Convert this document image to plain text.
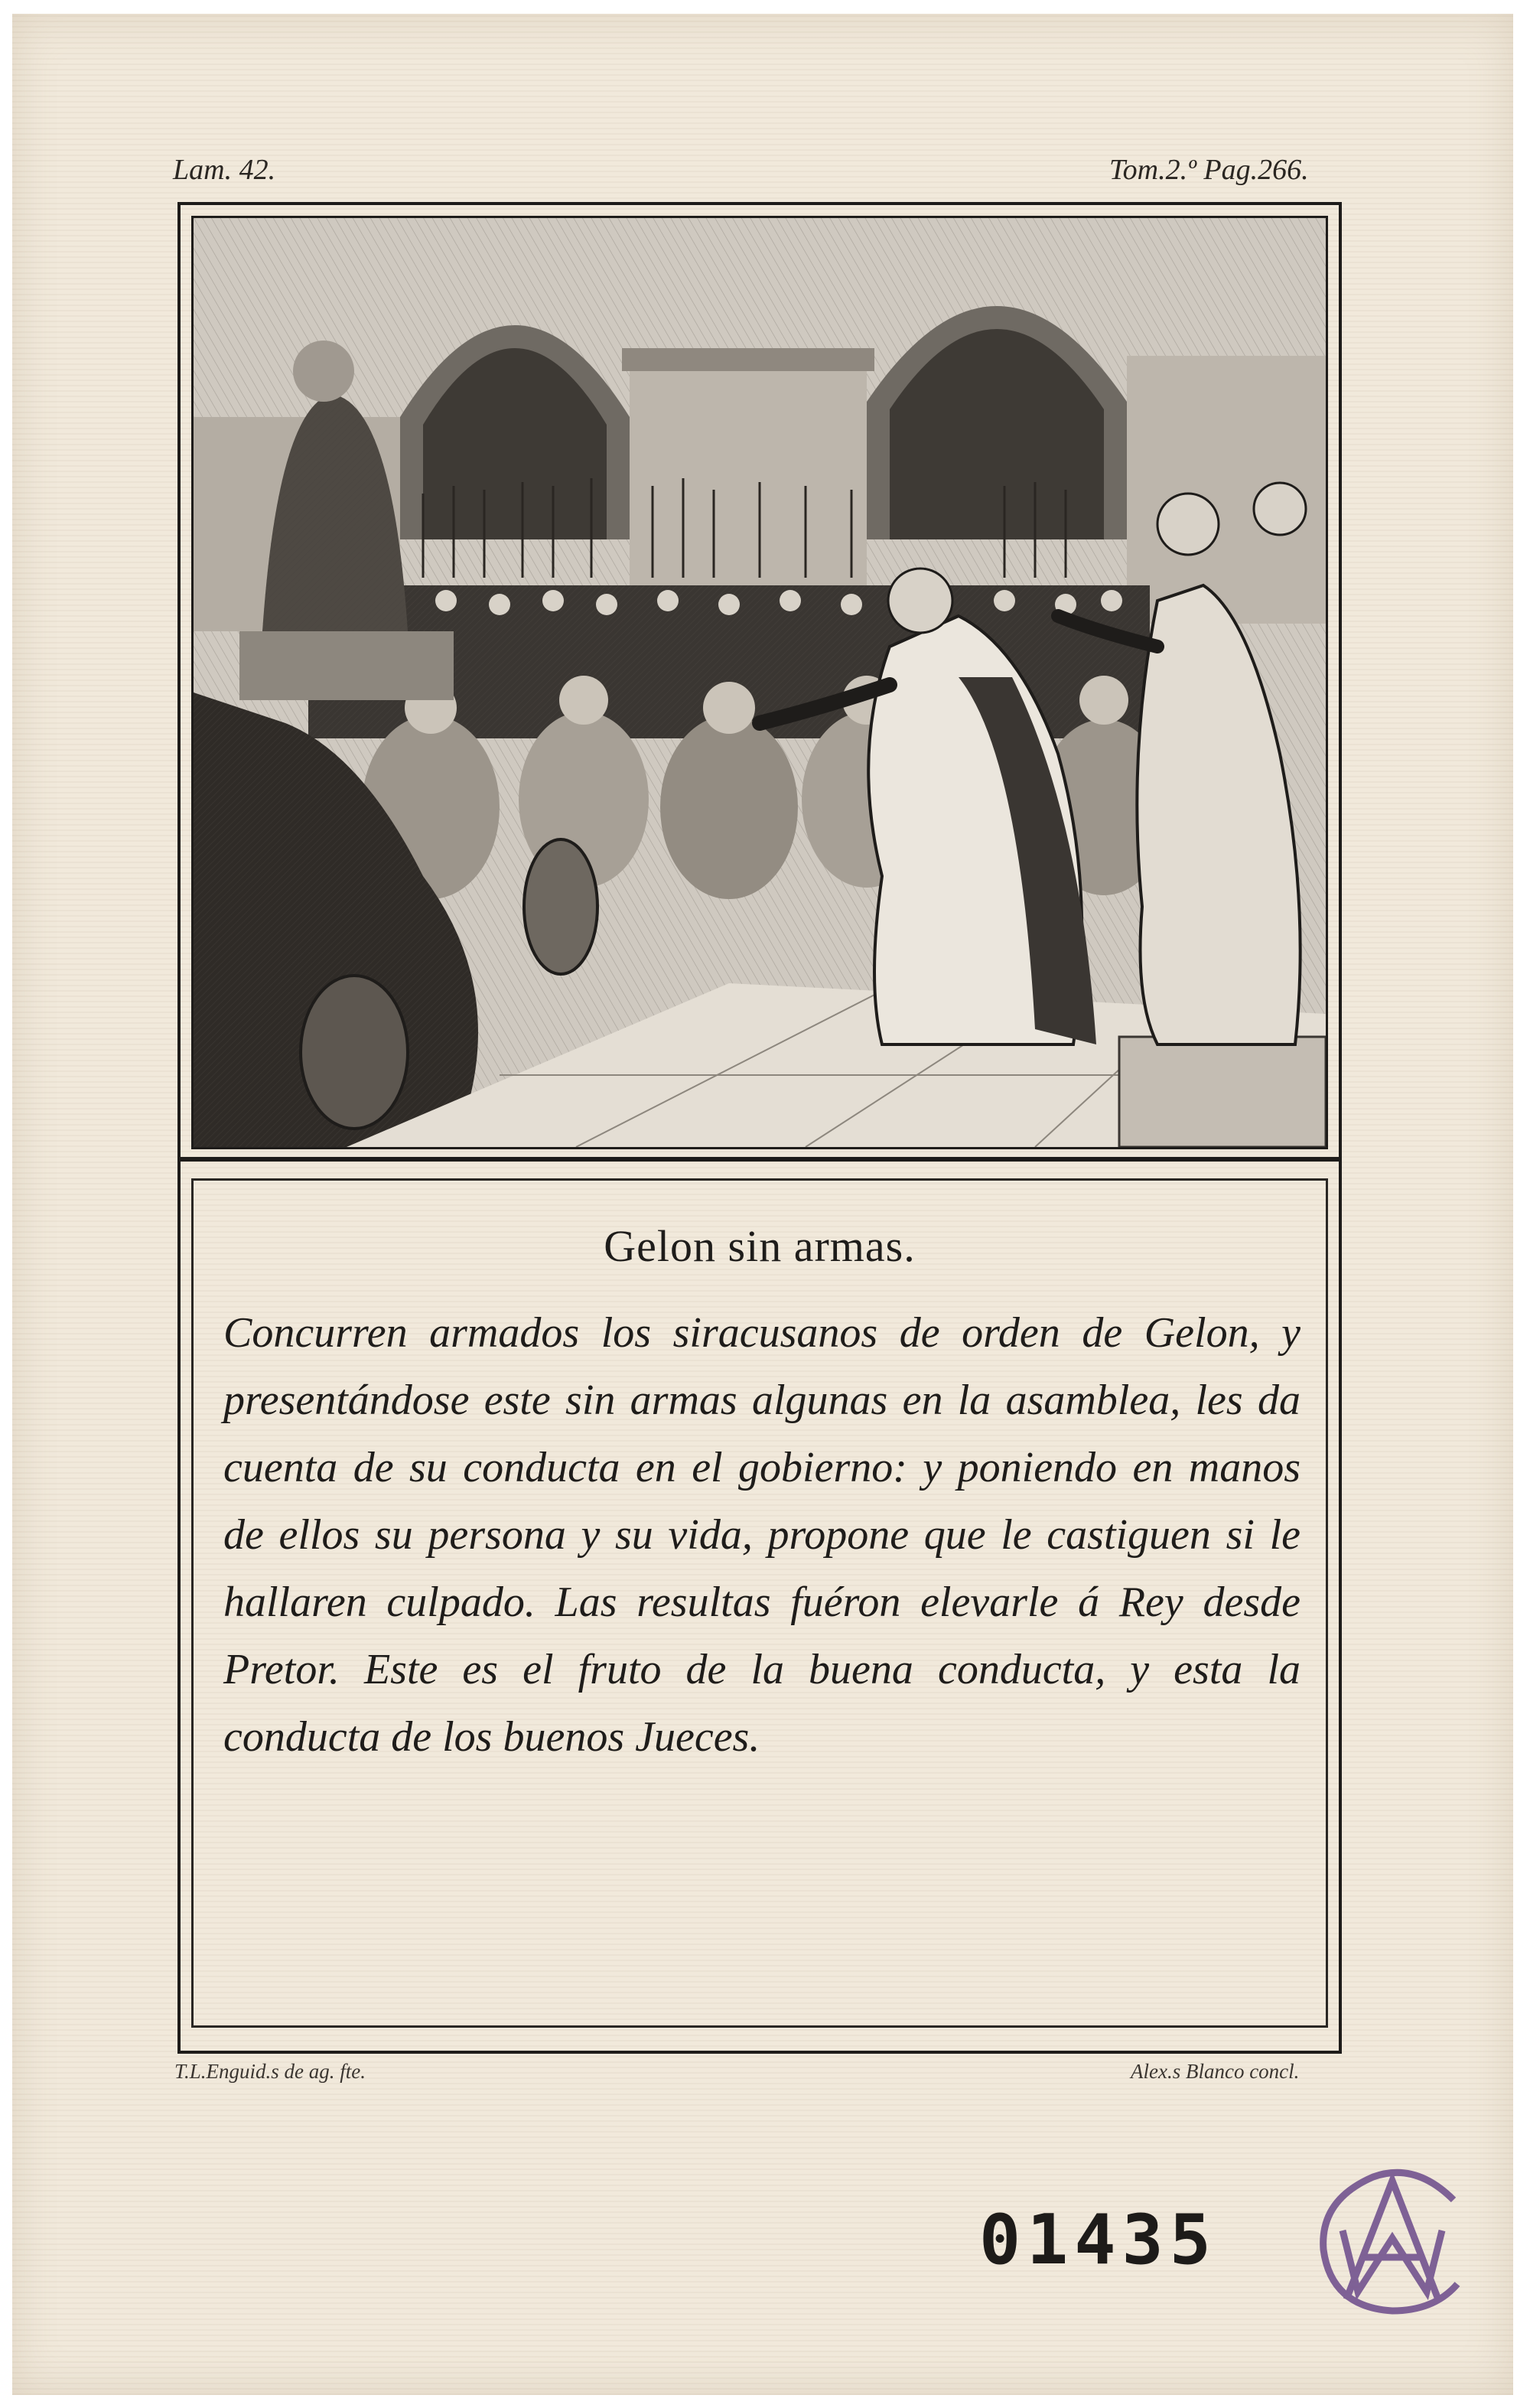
Lam. 42.	Tom.2.º Pag.266.
Gelon sin armas.

Concurren armados los siracusanos de orden de Gelon, y presentándose este sin armas algunas en la asamblea, les da cuenta de su conducta en el gobierno: y poniendo en manos de ellos su persona y su vida, propone que le castiguen si le hallaren culpado. Las resultas fuéron elevarle á Rey desde Pretor. Este es el fruto de la buena conducta, y esta la conducta de los buenos Jueces.

T.L.Enguid.s de ag. fte.	Alex.s Blanco concl.
01435
